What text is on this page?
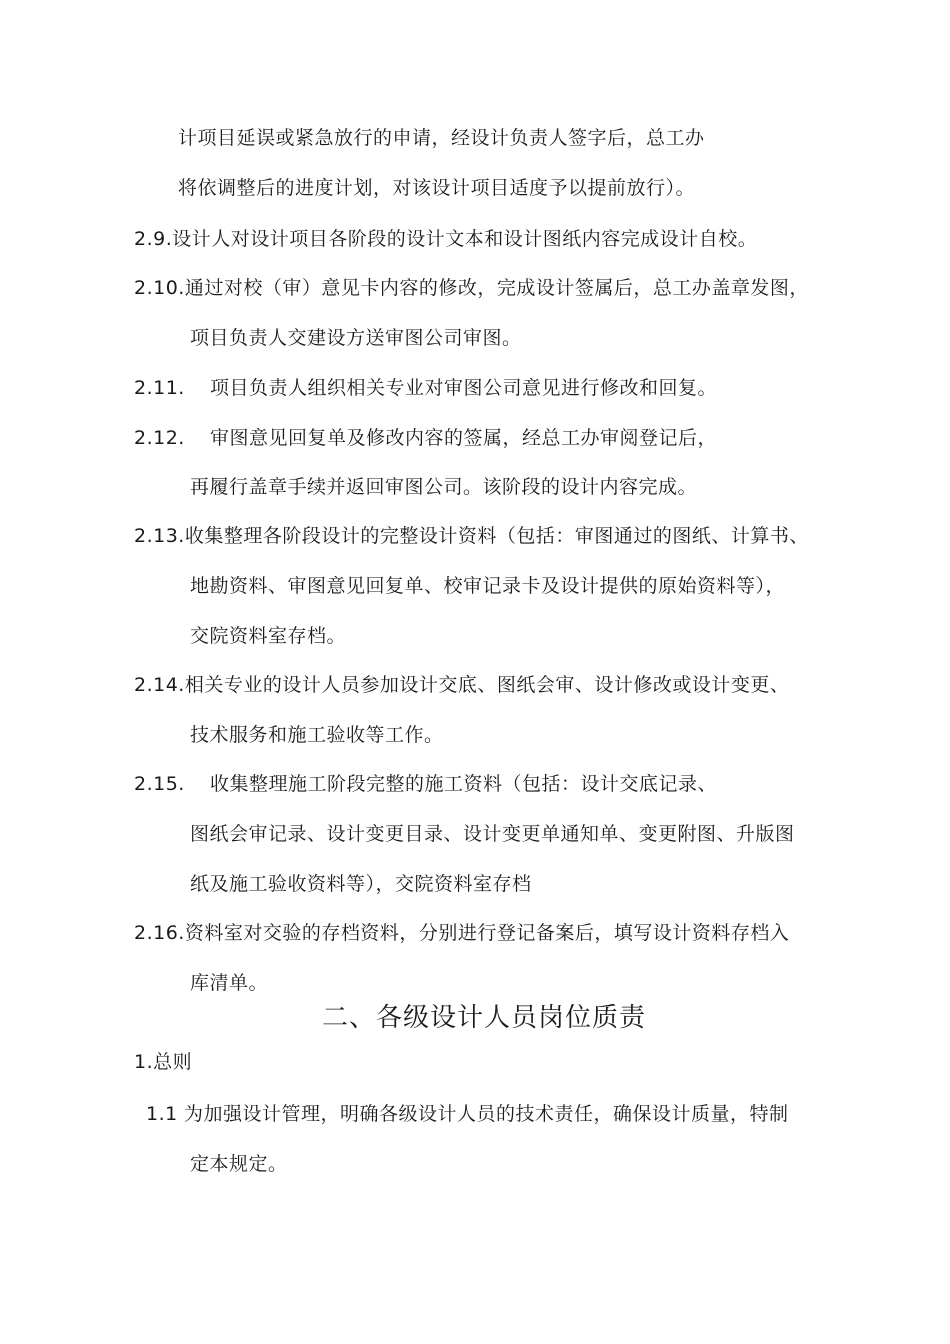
计项目延误或紧急放行的申请，经设计负责人签字后，总工办
将依调整后的进度计划，对该设计项目适度予以提前放行）。
2.9.设计人对设计项目各阶段的设计文本和设计图纸内容完成设计自校。
2.10.通过对校（审）意见卡内容的修改，完成设计签属后，总工办盖章发图，
项目负责人交建设方送审图公司审图。
2.11. 项目负责人组织相关专业对审图公司意见进行修改和回复。
2.12. 审图意见回复单及修改内容的签属，经总工办审阅登记后，
再履行盖章手续并返回审图公司。该阶段的设计内容完成。
2.13.收集整理各阶段设计的完整设计资料（包括：审图通过的图纸、计算书、
地勘资料、审图意见回复单、校审记录卡及设计提供的原始资料等），
交院资料室存档。
2.14.相关专业的设计人员参加设计交底、图纸会审、设计修改或设计变更、
技术服务和施工验收等工作。
2.15. 收集整理施工阶段完整的施工资料（包括：设计交底记录、
图纸会审记录、设计变更目录、设计变更单通知单、变更附图、升版图
纸及施工验收资料等），交院资料室存档
2.16.资料室对交验的存档资料，分别进行登记备案后，填写设计资料存档入
库清单。
二、各级设计人员岗位质责
1.总则
1.1 为加强设计管理，明确各级设计人员的技术责任，确保设计质量，特制
定本规定。
